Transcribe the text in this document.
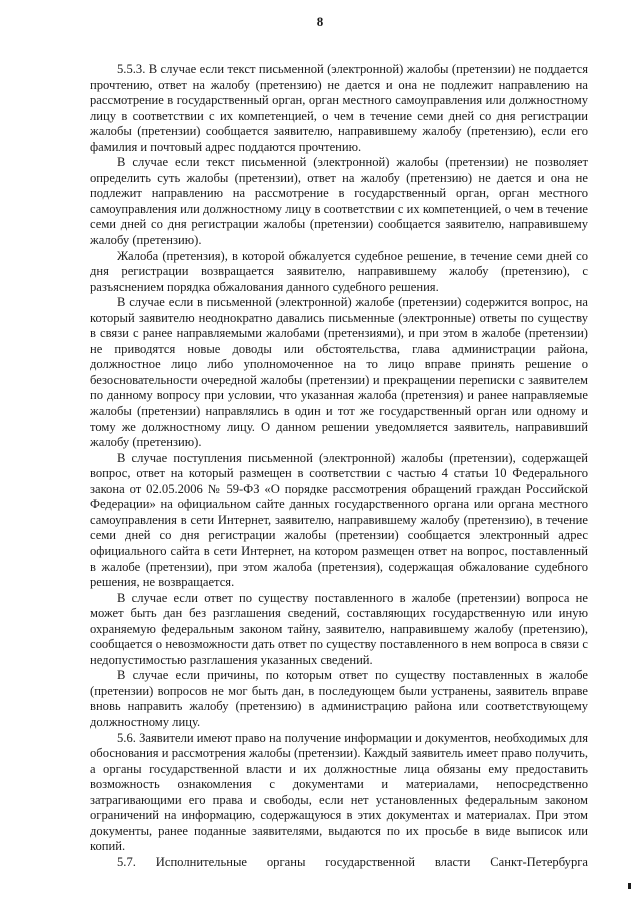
8

5.5.3. В случае если текст письменной (электронной) жалобы (претензии) не поддается прочтению, ответ на жалобу (претензию) не дается и она не подлежит направлению на рассмотрение в государственный орган, орган местного самоуправления или должностному лицу в соответствии с их компетенцией, о чем в течение семи дней со дня регистрации жалобы (претензии) сообщается заявителю, направившему жалобу (претензию), если его фамилия и почтовый адрес поддаются прочтению.

В случае если текст письменной (электронной) жалобы (претензии) не позволяет определить суть жалобы (претензии), ответ на жалобу (претензию) не дается и она не подлежит направлению на рассмотрение в государственный орган, орган местного самоуправления или должностному лицу в соответствии с их компетенцией, о чем в течение семи дней со дня регистрации жалобы (претензии) сообщается заявителю, направившему жалобу (претензию).

Жалоба (претензия), в которой обжалуется судебное решение, в течение семи дней со дня регистрации возвращается заявителю, направившему жалобу (претензию), с разъяснением порядка обжалования данного судебного решения.

В случае если в письменной (электронной) жалобе (претензии) содержится вопрос, на который заявителю неоднократно давались письменные (электронные) ответы по существу в связи с ранее направляемыми жалобами (претензиями), и при этом в жалобе (претензии) не приводятся новые доводы или обстоятельства, глава администрации района, должностное лицо либо уполномоченное на то лицо вправе принять решение о безосновательности очередной жалобы (претензии) и прекращении переписки с заявителем по данному вопросу при условии, что указанная жалоба (претензия) и ранее направляемые жалобы (претензии) направлялись в один и тот же государственный орган или одному и тому же должностному лицу. О данном решении уведомляется заявитель, направивший жалобу (претензию).

В случае поступления письменной (электронной) жалобы (претензии), содержащей вопрос, ответ на который размещен в соответствии с частью 4 статьи 10 Федерального закона от 02.05.2006 № 59-ФЗ «О порядке рассмотрения обращений граждан Российской Федерации» на официальном сайте данных государственного органа или органа местного самоуправления в сети Интернет, заявителю, направившему жалобу (претензию), в течение семи дней со дня регистрации жалобы (претензии) сообщается электронный адрес официального сайта в сети Интернет, на котором размещен ответ на вопрос, поставленный в жалобе (претензии), при этом жалоба (претензия), содержащая обжалование судебного решения, не возвращается.

В случае если ответ по существу поставленного в жалобе (претензии) вопроса не может быть дан без разглашения сведений, составляющих государственную или иную охраняемую федеральным законом тайну, заявителю, направившему жалобу (претензию), сообщается о невозможности дать ответ по существу поставленного в нем вопроса в связи с недопустимостью разглашения указанных сведений.

В случае если причины, по которым ответ по существу поставленных в жалобе (претензии) вопросов не мог быть дан, в последующем были устранены, заявитель вправе вновь направить жалобу (претензию) в администрацию района или соответствующему должностному лицу.

5.6. Заявители имеют право на получение информации и документов, необходимых для обоснования и рассмотрения жалобы (претензии). Каждый заявитель имеет право получить, а органы государственной власти и их должностные лица обязаны ему предоставить возможность ознакомления с документами и материалами, непосредственно затрагивающими его права и свободы, если нет установленных федеральным законом ограничений на информацию, содержащуюся в этих документах и материалах. При этом документы, ранее поданные заявителями, выдаются по их просьбе в виде выписок или копий.

5.7. Исполнительные органы государственной власти Санкт-Петербурга
